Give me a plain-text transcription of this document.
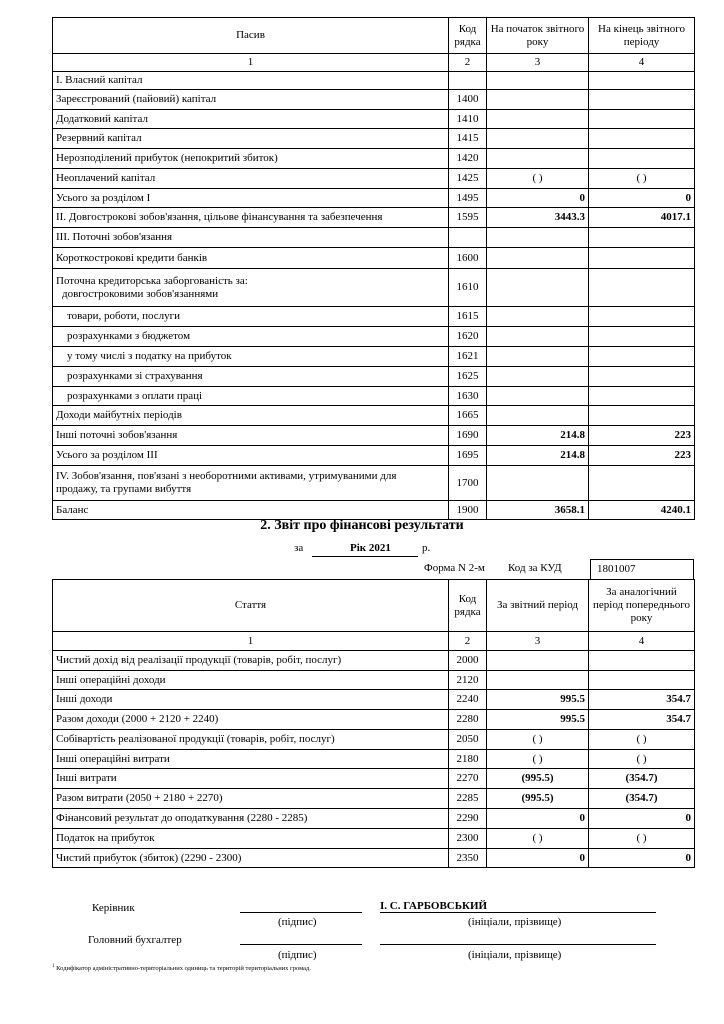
Пасив	Код рядка	На початок звітного року	На кінець звітного періоду
1	2	3	4
І. Власний капітал			
Зареєстрований (пайовий) капітал	1400		
Додатковий капітал	1410		
Резервний капітал	1415		
Нерозподілений прибуток (непокритий збиток)	1420		
Неоплачений капітал	1425	( )	( )
Усього за розділом І	1495	0	0
ІІ. Довгострокові зобов'язання, цільове фінансування та забезпечення	1595	3443.3	4017.1
ІІІ. Поточні зобов'язання			
Короткострокові кредити банків	1600		
Поточна кредиторська заборгованість за:
довгостроковими зобов'язаннями	1610		
товари, роботи, послуги	1615		
розрахунками з бюджетом	1620		
у тому числі з податку на прибуток	1621		
розрахунками зі страхування	1625		
розрахунками з оплати праці	1630		
Доходи майбутніх періодів	1665		
Інші поточні зобов'язання	1690	214.8	223
Усього за розділом ІІІ	1695	214.8	223
IV. Зобов'язання, пов'язані з необоротними активами, утримуваними для
продажу, та групами вибуття	1700		
Баланс	1900	3658.1	4240.1
2. Звіт про фінансові результати
за	Рік 2021	р.
Форма N 2-м Код за КУД	1801007
Стаття	Код рядка	За звітний період	За аналогічний період попереднього року
1	2	3	4
Чистий дохід від реалізації продукції (товарів, робіт, послуг)	2000		
Інші операційні доходи	2120		
Інші доходи	2240	995.5	354.7
Разом доходи (2000 + 2120 + 2240)	2280	995.5	354.7
Собівартість реалізованої продукції (товарів, робіт, послуг)	2050	( )	( )
Інші операційні витрати	2180	( )	( )
Інші витрати	2270	(995.5)	(354.7)
Разом витрати (2050 + 2180 + 2270)	2285	(995.5)	(354.7)
Фінансовий результат до оподаткування (2280 - 2285)	2290	0	0
Податок на прибуток	2300	( )	( )
Чистий прибуток (збиток) (2290 - 2300)	2350	0	0
Керівник	І. С. ГАРБОВСЬКИЙ
(підпис)	(ініціали, прізвище)
Головний бухгалтер
(підпис)	(ініціали, прізвище)
$^1$ Кодифікатор адміністративно-територіальних одиниць та територій територіальних громад.
